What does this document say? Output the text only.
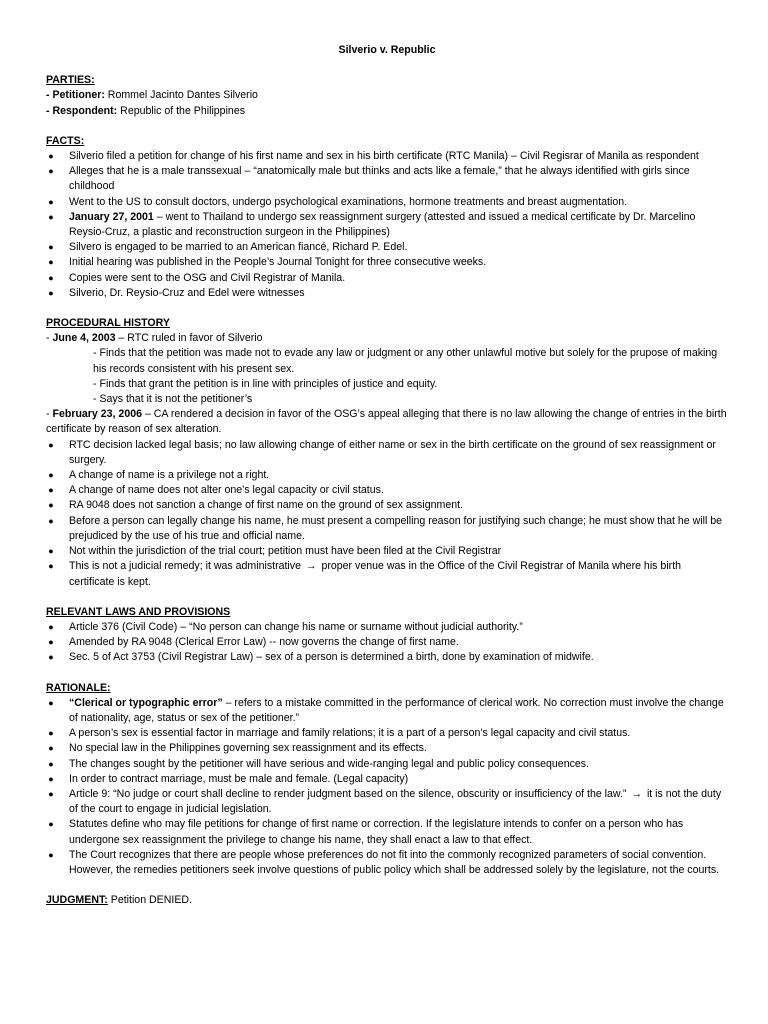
Silverio v. Republic
PARTIES:
- Petitioner: Rommel Jacinto Dantes Silverio
- Respondent: Republic of the Philippines
FACTS:
● Silverio filed a petition for change of his first name and sex in his birth certificate (RTC Manila) – Civil Regisrar of Manila as respondent
● Alleges that he is a male transsexual – “anatomically male but thinks and acts like a female,” that he always identified with girls since childhood
● Went to the US to consult doctors, undergo psychological examinations, hormone treatments and breast augmentation.
● January 27, 2001 – went to Thailand to undergo sex reassignment surgery (attested and issued a medical certificate by Dr. Marcelino Reysio-Cruz, a plastic and reconstruction surgeon in the Philippines)
● Silvero is engaged to be married to an American fiancé, Richard P. Edel.
● Initial hearing was published in the People’s Journal Tonight for three consecutive weeks.
● Copies were sent to the OSG and Civil Registrar of Manila.
● Silverio, Dr. Reysio-Cruz and Edel were witnesses
PROCEDURAL HISTORY
- June 4, 2003 – RTC ruled in favor of Silverio
- Finds that the petition was made not to evade any law or judgment or any other unlawful motive but solely for the prupose of making his records consistent with his present sex.
- Finds that grant the petition is in line with principles of justice and equity.
- Says that it is not the petitioner’s
- February 23, 2006 – CA rendered a decision in favor of the OSG’s appeal alleging that there is no law allowing the change of entries in the birth certificate by reason of sex alteration.
● RTC decision lacked legal basis; no law allowing change of either name or sex in the birth certificate on the ground of sex reassignment or surgery.
● A change of name is a privilege not a right.
● A change of name does not alter one’s legal capacity or civil status.
● RA 9048 does not sanction a change of first name on the ground of sex assignment.
● Before a person can legally change his name, he must present a compelling reason for justifying such change; he must show that he will be prejudiced by the use of his true and official name.
● Not within the jurisdiction of the trial court; petition must have been filed at the Civil Registrar
● This is not a judicial remedy; it was administrative → proper venue was in the Office of the Civil Registrar of Manila where his birth certificate is kept.
RELEVANT LAWS AND PROVISIONS
● Article 376 (Civil Code) – “No person can change his name or surname without judicial authority.”
● Amended by RA 9048 (Clerical Error Law) -- now governs the change of first name.
● Sec. 5 of Act 3753 (Civil Registrar Law) – sex of a person is determined a birth, done by examination of midwife.
RATIONALE:
● “Clerical or typographic error” – refers to a mistake committed in the performance of clerical work. No correction must involve the change of nationality, age, status or sex of the petitioner.”
● A person’s sex is essential factor in marriage and family relations; it is a part of a person’s legal capacity and civil status.
● No special law in the Philippines governing sex reassignment and its effects.
● The changes sought by the petitioner will have serious and wide-ranging legal and public policy consequences.
● In order to contract marriage, must be male and female. (Legal capacity)
● Article 9: “No judge or court shall decline to render judgment based on the silence, obscurity or insufficiency of the law.” → it is not the duty of the court to engage in judicial legislation.
● Statutes define who may file petitions for change of first name or correction. If the legislature intends to confer on a person who has undergone sex reassignment the privilege to change his name, they shall enact a law to that effect.
● The Court recognizes that there are people whose preferences do not fit into the commonly recognized parameters of social convention. However, the remedies petitioners seek involve questions of public policy which shall be addressed solely by the legislature, not the courts.
JUDGMENT: Petition DENIED.
